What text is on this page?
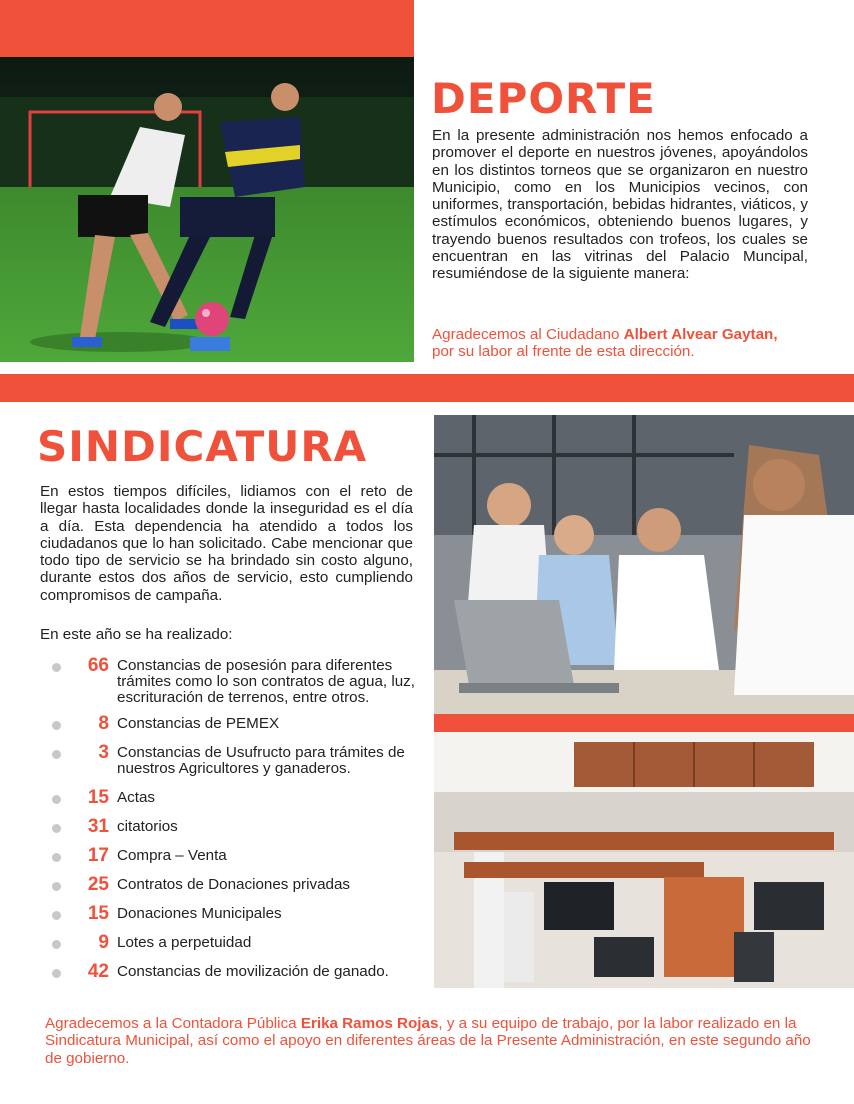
DEPORTE

En la presente administración nos hemos enfocado a promover el deporte en nuestros jóvenes, apoyándolos en los distintos torneos que se organizaron en nuestro Municipio, como en los Municipios vecinos, con uniformes, transportación, bebidas hidrantes, viáticos, y estímulos económicos, obteniendo buenos lugares, y trayendo buenos resultados con trofeos, los cuales se encuentran en las vitrinas del Palacio Muncipal, resumiéndose de la siguiente manera:

Agradecemos al Ciudadano Albert Alvear Gaytan,
por su labor al frente de esta dirección.

SINDICATURA

En estos tiempos difíciles, lidiamos con el reto de llegar hasta localidades donde la inseguridad es el día a día. Esta dependencia ha atendido a todos los ciudadanos que lo han solicitado. Cabe mencionar que todo tipo de servicio se ha brindado sin costo alguno, durante estos dos años de servicio, esto cumpliendo compromisos de campaña.

En este año se ha realizado:

66 Constancias de posesión para diferentes trámites como lo son contratos de agua, luz, escrituración de terrenos, entre otros.
8 Constancias de PEMEX
3 Constancias de Usufructo para trámites de nuestros Agricultores y ganaderos.
15 Actas
31 citatorios
17 Compra – Venta
25 Contratos de Donaciones privadas
15 Donaciones Municipales
9 Lotes a perpetuidad
42 Constancias de movilización de ganado.

Agradecemos a la Contadora Pública Erika Ramos Rojas, y a su equipo de trabajo, por la labor realizado en la Sindicatura Municipal, así como el apoyo en diferentes áreas de la Presente Administración, en este segundo año de gobierno.
